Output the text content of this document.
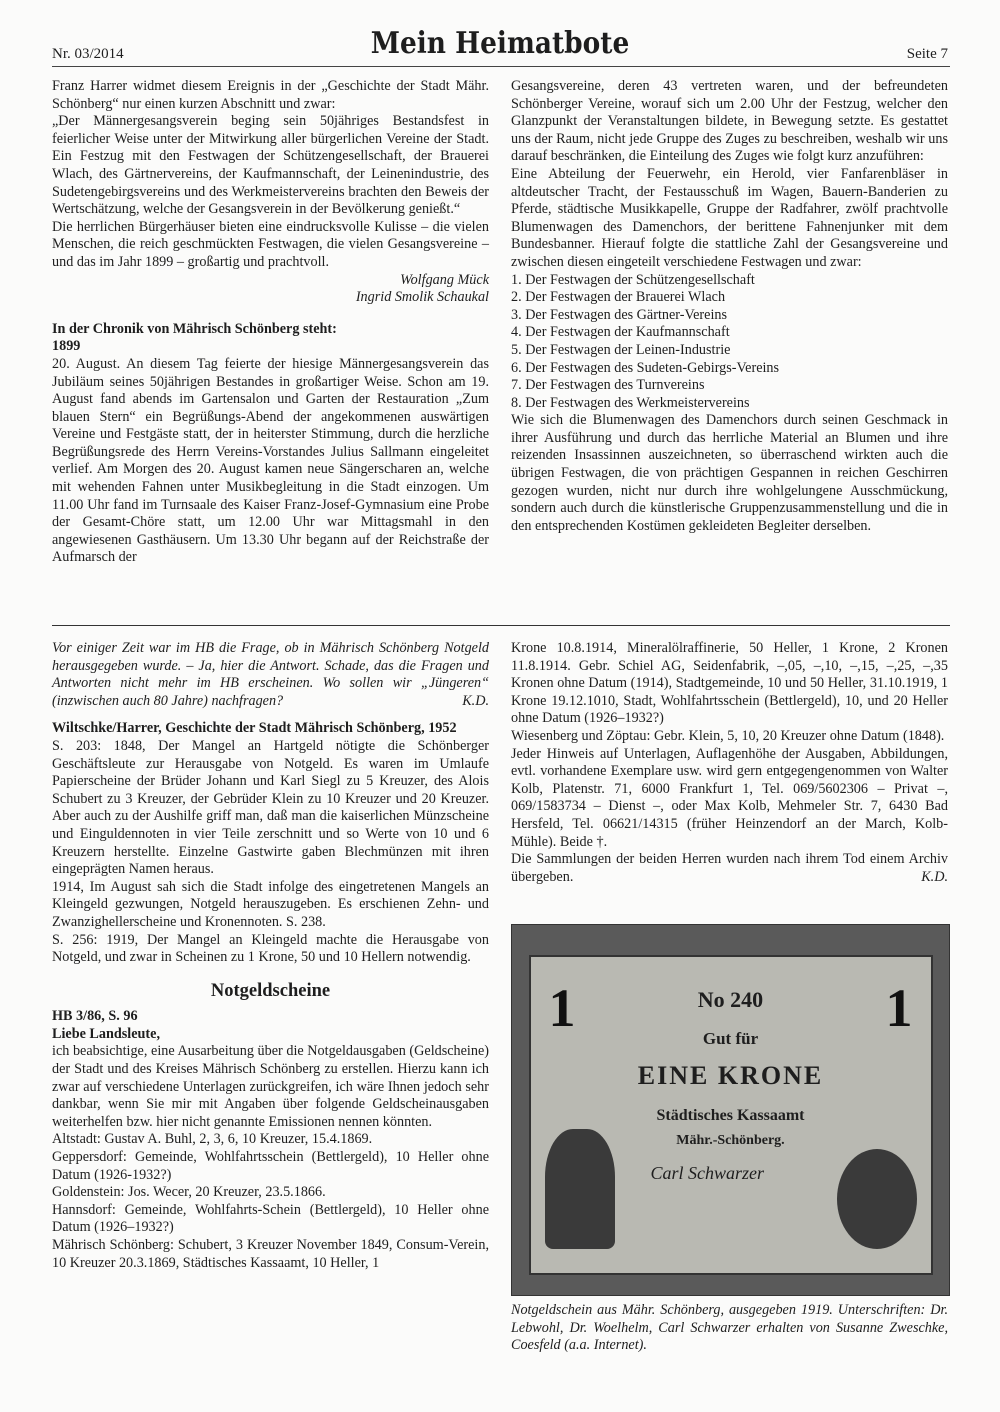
Nr. 03/2014	Mein Heimatbote	Seite 7

Franz Harrer widmet diesem Ereignis in der „Geschichte der Stadt Mähr. Schönberg“ nur einen kurzen Abschnitt und zwar:

„Der Männergesangsverein beging sein 50jähriges Bestandsfest in feierlicher Weise unter der Mitwirkung aller bürgerlichen Vereine der Stadt. Ein Festzug mit den Festwagen der Schützengesellschaft, der Brauerei Wlach, des Gärtnervereins, der Kaufmannschaft, der Leinenindustrie, des Sudetengebirgsvereins und des Werkmeistervereins brachten den Beweis der Wertschätzung, welche der Gesangsverein in der Bevölkerung genießt.“

Die herrlichen Bürgerhäuser bieten eine eindrucksvolle Kulisse – die vielen Menschen, die reich geschmückten Festwagen, die vielen Gesangsvereine – und das im Jahr 1899 – großartig und prachtvoll.

Wolfgang Mück

Ingrid Smolik Schaukal

In der Chronik von Mährisch Schönberg steht:

1899

20. August. An diesem Tag feierte der hiesige Männergesangsverein das Jubiläum seines 50jährigen Bestandes in großartiger Weise. Schon am 19. August fand abends im Gartensalon und Garten der Restauration „Zum blauen Stern“ ein Begrüßungs-Abend der angekommenen auswärtigen Vereine und Festgäste statt, der in heiterster Stimmung, durch die herzliche Begrüßungsrede des Herrn Vereins-Vorstandes Julius Sallmann eingeleitet verlief. Am Morgen des 20. August kamen neue Sängerscharen an, welche mit wehenden Fahnen unter Musikbegleitung in die Stadt einzogen. Um 11.00 Uhr fand im Turnsaale des Kaiser Franz-Josef-Gymnasium eine Probe der Gesamt-Chöre statt, um 12.00 Uhr war Mittagsmahl in den angewiesenen Gasthäusern. Um 13.30 Uhr begann auf der Reichstraße der Aufmarsch der

Gesangsvereine, deren 43 vertreten waren, und der befreundeten Schönberger Vereine, worauf sich um 2.00 Uhr der Festzug, welcher den Glanzpunkt der Veranstaltungen bildete, in Bewegung setzte. Es gestattet uns der Raum, nicht jede Gruppe des Zuges zu beschreiben, weshalb wir uns darauf beschränken, die Einteilung des Zuges wie folgt kurz anzuführen:

Eine Abteilung der Feuerwehr, ein Herold, vier Fanfarenbläser in altdeutscher Tracht, der Festausschuß im Wagen, Bauern-Banderien zu Pferde, städtische Musikkapelle, Gruppe der Radfahrer, zwölf prachtvolle Blumenwagen des Damenchors, der berittene Fahnenjunker mit dem Bundesbanner. Hierauf folgte die stattliche Zahl der Gesangsvereine und zwischen diesen eingeteilt verschiedene Festwagen und zwar:

1. Der Festwagen der Schützengesellschaft

2. Der Festwagen der Brauerei Wlach

3. Der Festwagen des Gärtner-Vereins

4. Der Festwagen der Kaufmannschaft

5. Der Festwagen der Leinen-Industrie

6. Der Festwagen des Sudeten-Gebirgs-Vereins

7. Der Festwagen des Turnvereins

8. Der Festwagen des Werkmeistervereins

Wie sich die Blumenwagen des Damenchors durch seinen Geschmack in ihrer Ausführung und durch das herrliche Material an Blumen und ihre reizenden Insassinnen auszeichneten, so überraschend wirkten auch die übrigen Festwagen, die von prächtigen Gespannen in reichen Geschirren gezogen wurden, nicht nur durch ihre wohlgelungene Ausschmückung, sondern auch durch die künstlerische Gruppenzusammenstellung und die in den entsprechenden Kostümen gekleideten Begleiter derselben.

Vor einiger Zeit war im HB die Frage, ob in Mährisch Schönberg Notgeld herausgegeben wurde. – Ja, hier die Antwort. Schade, das die Fragen und Antworten nicht mehr im HB erscheinen. Wo sollen wir „Jüngeren“ (inzwischen auch 80 Jahre) nachfragen?	K.D.

Wiltschke/Harrer, Geschichte der Stadt Mährisch Schönberg, 1952

S. 203: 1848, Der Mangel an Hartgeld nötigte die Schönberger Geschäftsleute zur Herausgabe von Notgeld. Es waren im Umlaufe Papierscheine der Brüder Johann und Karl Siegl zu 5 Kreuzer, des Alois Schubert zu 3 Kreuzer, der Gebrüder Klein zu 10 Kreuzer und 20 Kreuzer. Aber auch zu der Aushilfe griff man, daß man die kaiserlichen Münzscheine und Einguldennoten in vier Teile zerschnitt und so Werte von 10 und 6 Kreuzern herstellte. Einzelne Gastwirte gaben Blechmünzen mit ihren eingeprägten Namen heraus.

1914, Im August sah sich die Stadt infolge des eingetretenen Mangels an Kleingeld gezwungen, Notgeld herauszugeben. Es erschienen Zehn- und Zwanzighellerscheine und Kronennoten. S. 238.

S. 256: 1919, Der Mangel an Kleingeld machte die Herausgabe von Notgeld, und zwar in Scheinen zu 1 Krone, 50 und 10 Hellern notwendig.

Notgeldscheine

HB 3/86, S. 96

Liebe Landsleute,

ich beabsichtige, eine Ausarbeitung über die Notgeldausgaben (Geldscheine) der Stadt und des Kreises Mährisch Schönberg zu erstellen. Hierzu kann ich zwar auf verschiedene Unterlagen zurückgreifen, ich wäre Ihnen jedoch sehr dankbar, wenn Sie mir mit Angaben über folgende Geldscheinausgaben weiterhelfen bzw. hier nicht genannte Emissionen nennen könnten.

Altstadt: Gustav A. Buhl, 2, 3, 6, 10 Kreuzer, 15.4.1869.

Geppersdorf: Gemeinde, Wohlfahrtsschein (Bettlergeld), 10 Heller ohne Datum (1926-1932?)

Goldenstein: Jos. Wecer, 20 Kreuzer, 23.5.1866.

Hannsdorf: Gemeinde, Wohlfahrts-Schein (Bettlergeld), 10 Heller ohne Datum (1926–1932?)

Mährisch Schönberg: Schubert, 3 Kreuzer November 1849, Consum-Verein, 10 Kreuzer 20.3.1869, Städtisches Kassaamt, 10 Heller, 1

Krone 10.8.1914, Mineralölraffinerie, 50 Heller, 1 Krone, 2 Kronen 11.8.1914. Gebr. Schiel AG, Seidenfabrik, –,05, –,10, –,15, –,25, –,35 Kronen ohne Datum (1914), Stadtgemeinde, 10 und 50 Heller, 31.10.1919, 1 Krone 19.12.1010, Stadt, Wohlfahrtsschein (Bettlergeld), 10, und 20 Heller ohne Datum (1926–1932?)

Wiesenberg und Zöptau: Gebr. Klein, 5, 10, 20 Kreuzer ohne Datum (1848).

Jeder Hinweis auf Unterlagen, Auflagenhöhe der Ausgaben, Abbildungen, evtl. vorhandene Exemplare usw. wird gern entgegengenommen von Walter Kolb, Platenstr. 71, 6000 Frankfurt 1, Tel. 069/5602306 – Privat –, 069/1583734 – Dienst –, oder Max Kolb, Mehmeler Str. 7, 6430 Bad Hersfeld, Tel. 06621/14315 (früher Heinzendorf an der March, Kolb-Mühle). Beide †.

Die Sammlungen der beiden Herren wurden nach ihrem Tod einem Archiv übergeben.	K.D.

1	1
No 240
Gut für
EINE KRONE
Städtisches Kassaamt
Mähr.-Schönberg.
Carl Schwarzer
Notgeldschein aus Mähr. Schönberg, ausgegeben 1919. Unterschriften: Dr. Lebwohl, Dr. Woelhelm, Carl Schwarzer erhalten von Susanne Zweschke, Coesfeld (a.a. Internet).
